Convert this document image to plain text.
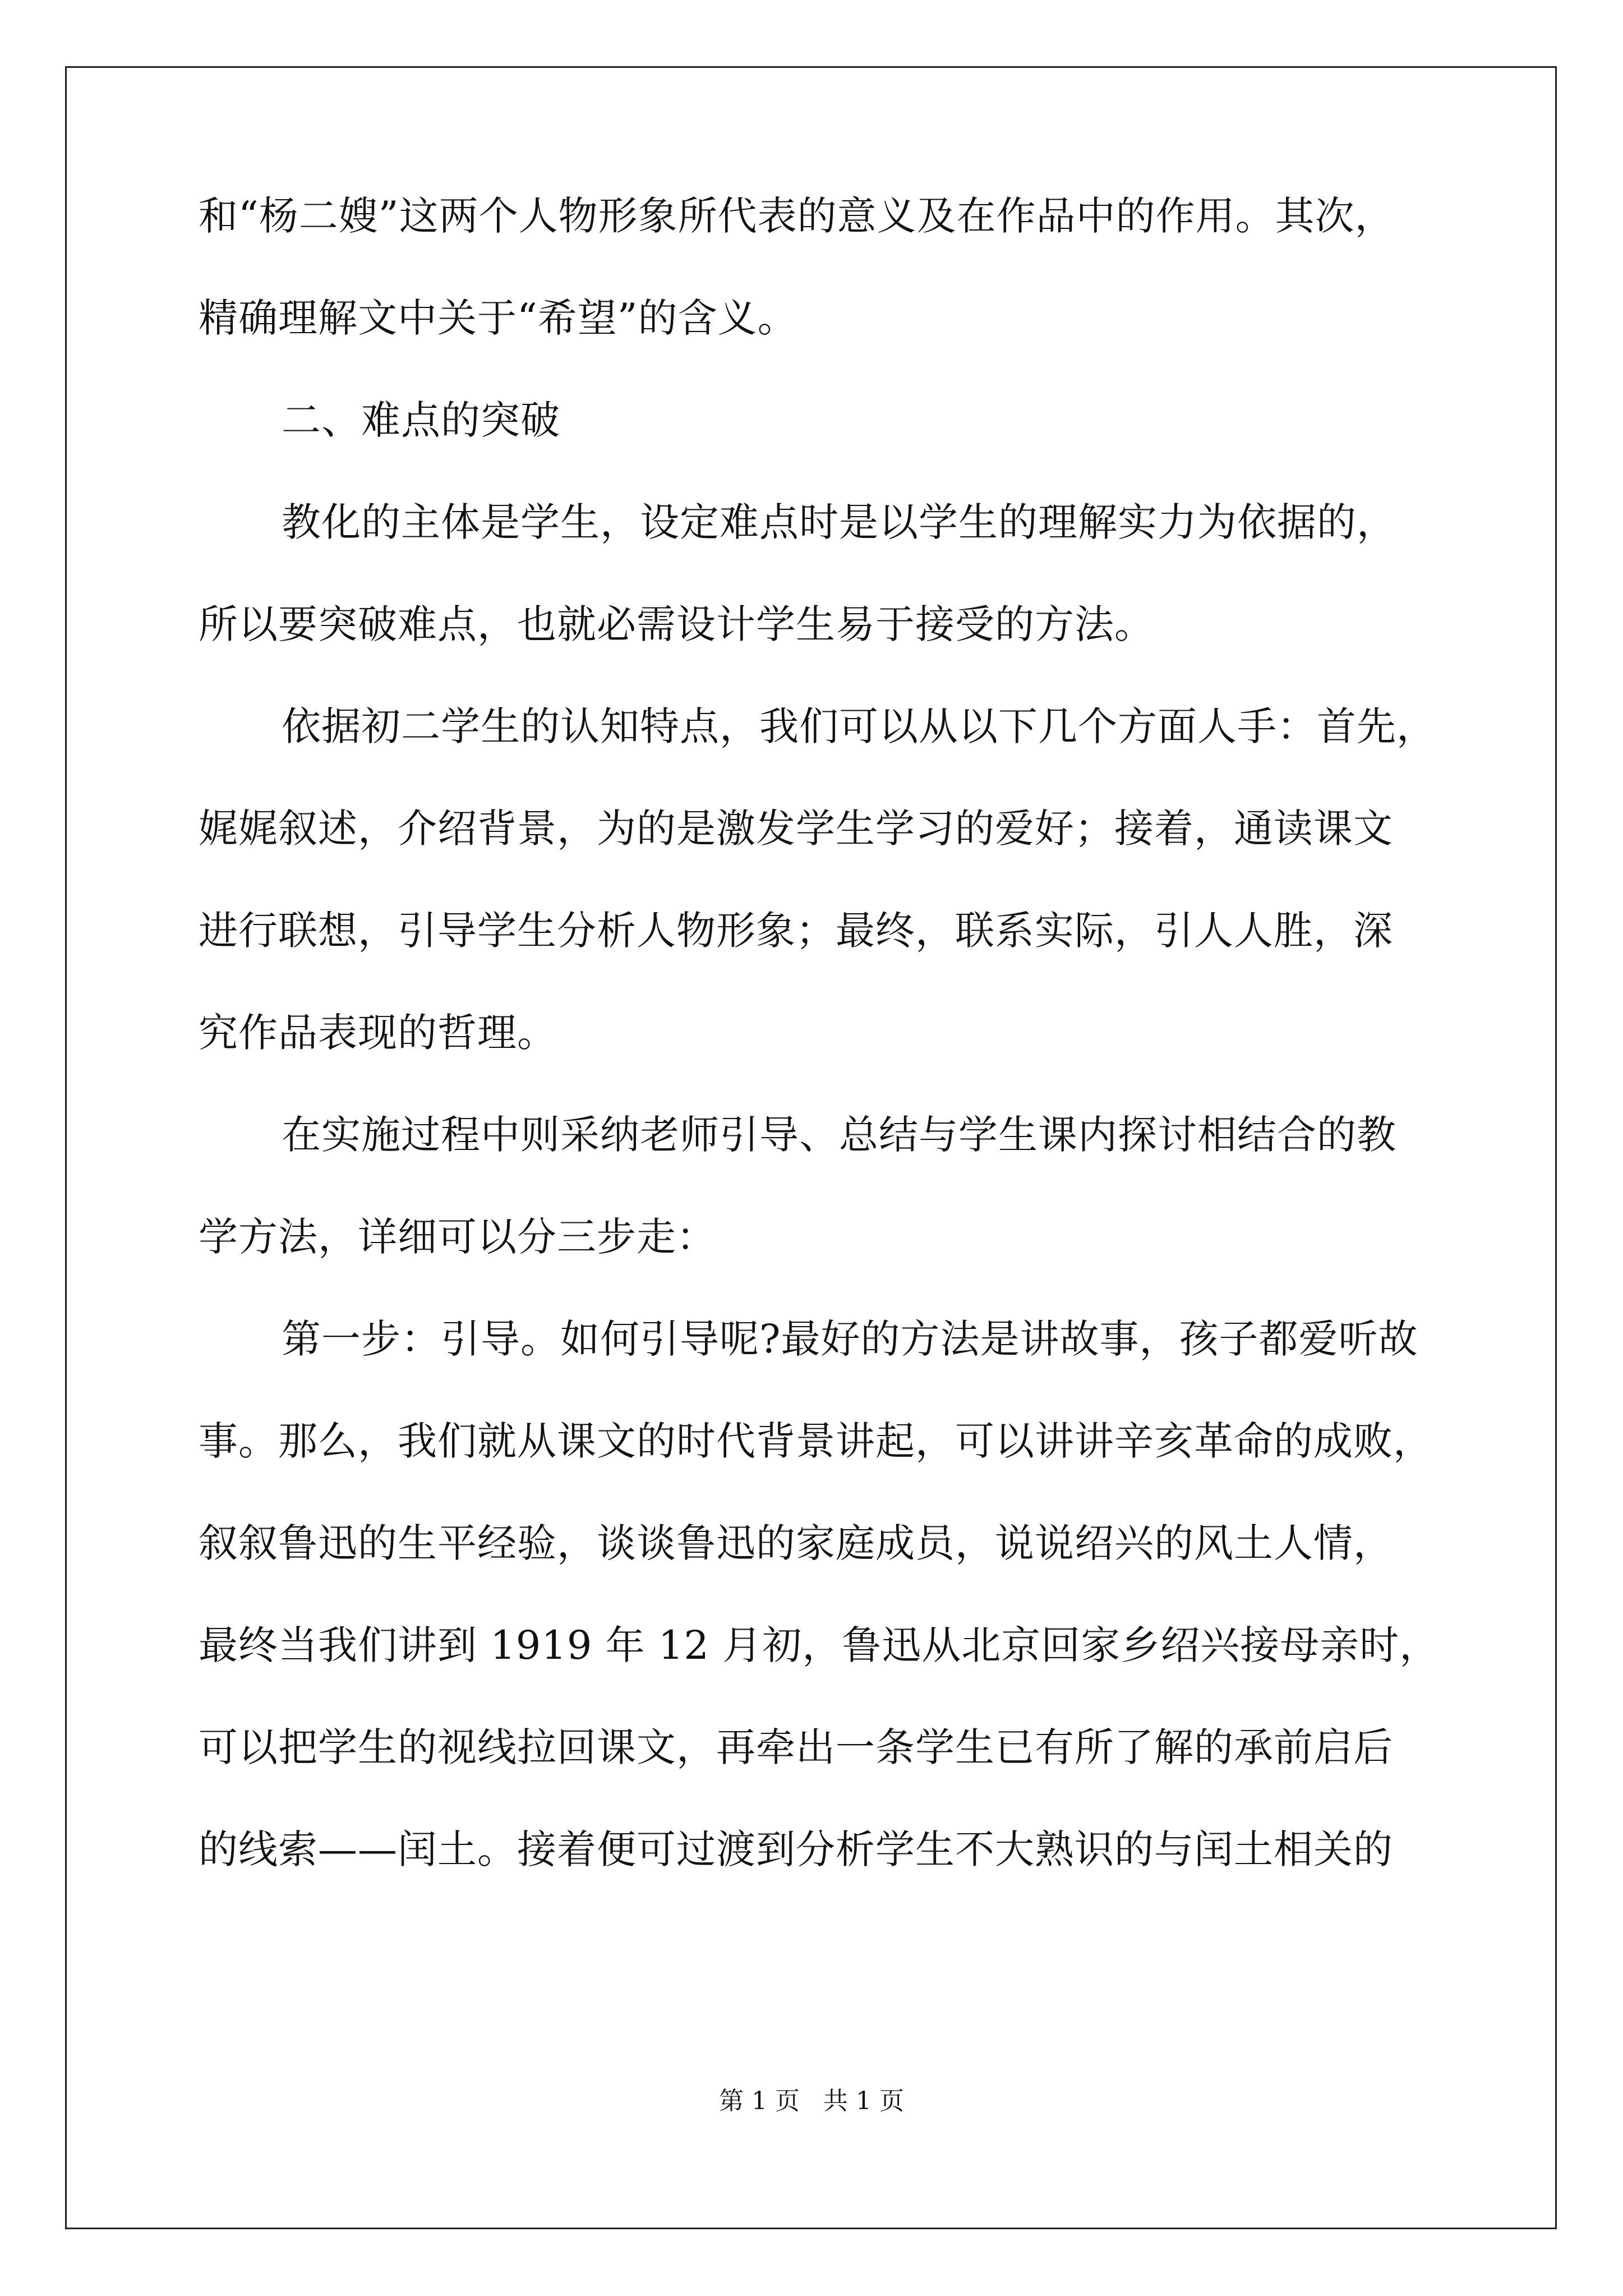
和“杨二嫂”这两个人物形象所代表的意义及在作品中的作用。其次，
精确理解文中关于“希望”的含义。
二、难点的突破
教化的主体是学生，设定难点时是以学生的理解实力为依据的，
所以要突破难点，也就必需设计学生易于接受的方法。
依据初二学生的认知特点，我们可以从以下几个方面人手：首先，
娓娓叙述，介绍背景，为的是激发学生学习的爱好；接着，通读课文
进行联想，引导学生分析人物形象；最终，联系实际，引人人胜，深
究作品表现的哲理。
在实施过程中则采纳老师引导、总结与学生课内探讨相结合的教
学方法，详细可以分三步走：
第一步：引导。如何引导呢?最好的方法是讲故事，孩子都爱听故
事。那么，我们就从课文的时代背景讲起，可以讲讲辛亥革命的成败，
叙叙鲁迅的生平经验，谈谈鲁迅的家庭成员，说说绍兴的风土人情，
最终当我们讲到 1919 年 12 月初，鲁迅从北京回家乡绍兴接母亲时，
可以把学生的视线拉回课文，再牵出一条学生已有所了解的承前启后
的线索——闰土。接着便可过渡到分析学生不大熟识的与闰土相关的
第 1 页 共 1 页
